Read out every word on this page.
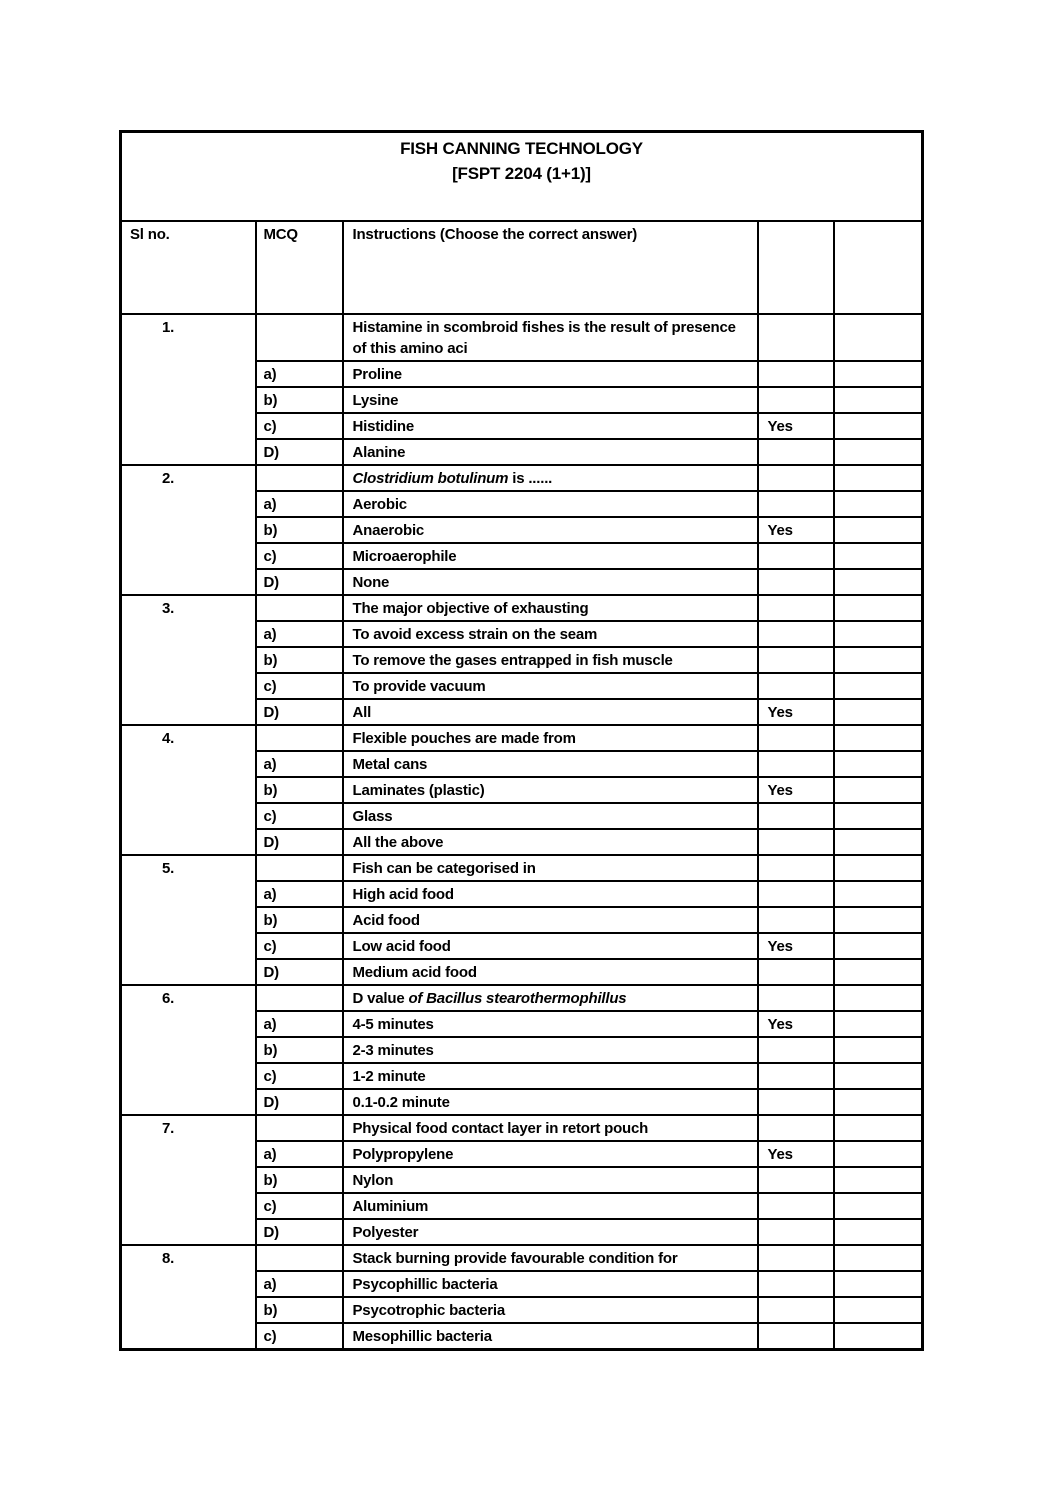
FISH CANNING TECHNOLOGY
[FSPT 2204 (1+1)]				

Sl no.	MCQ	Instructions (Choose the correct answer)		
1.		Histamine in scombroid fishes is the result of presence of this amino aci		
	a)	Proline		
	b)	Lysine		
	c)	Histidine	Yes	
	D)	Alanine		
2.		Clostridium botulinum is ......		
	a)	Aerobic		
	b)	Anaerobic	Yes	
	c)	Microaerophile		
	D)	None		
3.		The major objective of exhausting		
	a)	To avoid excess strain on the seam		
	b)	To remove the gases entrapped in fish muscle		
	c)	To provide vacuum		
	D)	All	Yes	
4.		Flexible pouches are made from		
	a)	Metal cans		
	b)	Laminates (plastic)	Yes	
	c)	Glass		
	D)	All the above		
5.		Fish can be categorised in		
	a)	High acid food		
	b)	Acid food		
	c)	Low acid food	Yes	
	D)	Medium acid food		
6.		D value of Bacillus stearothermophillus		
	a)	4-5 minutes	Yes	
	b)	2-3 minutes		
	c)	1-2 minute		
	D)	0.1-0.2 minute		
7.		Physical food contact layer in retort pouch		
	a)	Polypropylene	Yes	
	b)	Nylon		
	c)	Aluminium		
	D)	Polyester		
8.		Stack burning provide favourable condition for		
	a)	Psycophillic bacteria		
	b)	Psycotrophic bacteria		
	c)	Mesophillic bacteria		
